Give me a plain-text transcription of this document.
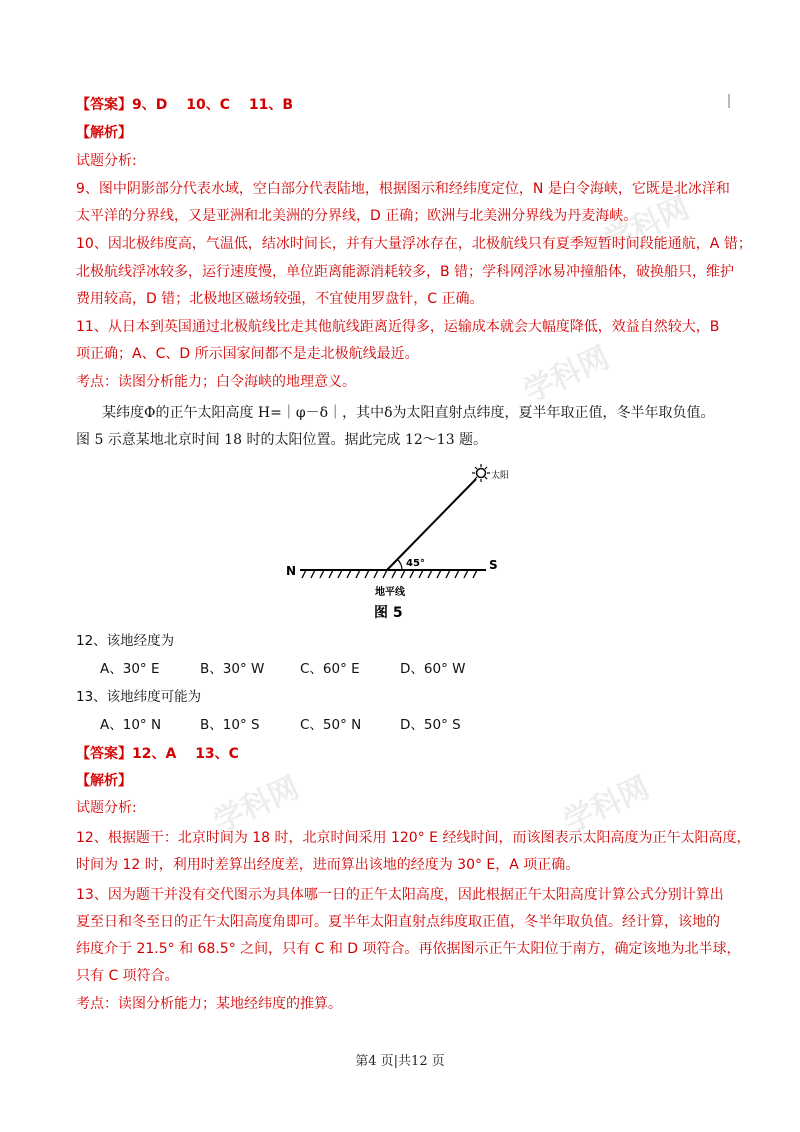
学科网
学科网
学科网
学科网
【答案】9、D　 10、C　 11、B
【解析】
试题分析:
9、图中阴影部分代表水域，空白部分代表陆地，根据图示和经纬度定位，N 是白令海峡，它既是北冰洋和
太平洋的分界线，又是亚洲和北美洲的分界线，D 正确；欧洲与北美洲分界线为丹麦海峡。
10、因北极纬度高，气温低，结冰时间长，并有大量浮冰存在，北极航线只有夏季短暂时间段能通航，A 错；
北极航线浮冰较多，运行速度慢，单位距离能源消耗较多，B 错；学科网浮冰易冲撞船体，破换船只，维护
费用较高，D 错；北极地区磁场较强，不宜使用罗盘针，C 正确。
11、从日本到英国通过北极航线比走其他航线距离近得多，运输成本就会大幅度降低，效益自然较大，B
项正确；A、C、D 所示国家间都不是走北极航线最近。
考点：读图分析能力；白令海峡的地理意义。
某纬度Φ的正午太阳高度 H=｜φ－δ｜，其中δ为太阳直射点纬度，夏半年取正值，冬半年取负值。
图 5 示意某地北京时间 18 时的太阳位置。据此完成 12～13 题。
太阳
45°
N	S
地平线
图 5
12、该地经度为
A、30° E	B、30° W	C、60° E	D、60° W
13、该地纬度可能为
A、10° N	B、10° S	C、50° N	D、50° S
【答案】12、A　 13、C
【解析】
试题分析:
12、根据题干：北京时间为 18 时，北京时间采用 120° E 经线时间，而该图表示太阳高度为正午太阳高度，
时间为 12 时，利用时差算出经度差，进而算出该地的经度为 30° E，A 项正确。
13、因为题干并没有交代图示为具体哪一日的正午太阳高度，因此根据正午太阳高度计算公式分别计算出
夏至日和冬至日的正午太阳高度角即可。夏半年太阳直射点纬度取正值，冬半年取负值。经计算，该地的
纬度介于 21.5° 和 68.5° 之间，只有 C 和 D 项符合。再依据图示正午太阳位于南方，确定该地为北半球，
只有 C 项符合。
考点：读图分析能力；某地经纬度的推算。
第4 页|共12 页
